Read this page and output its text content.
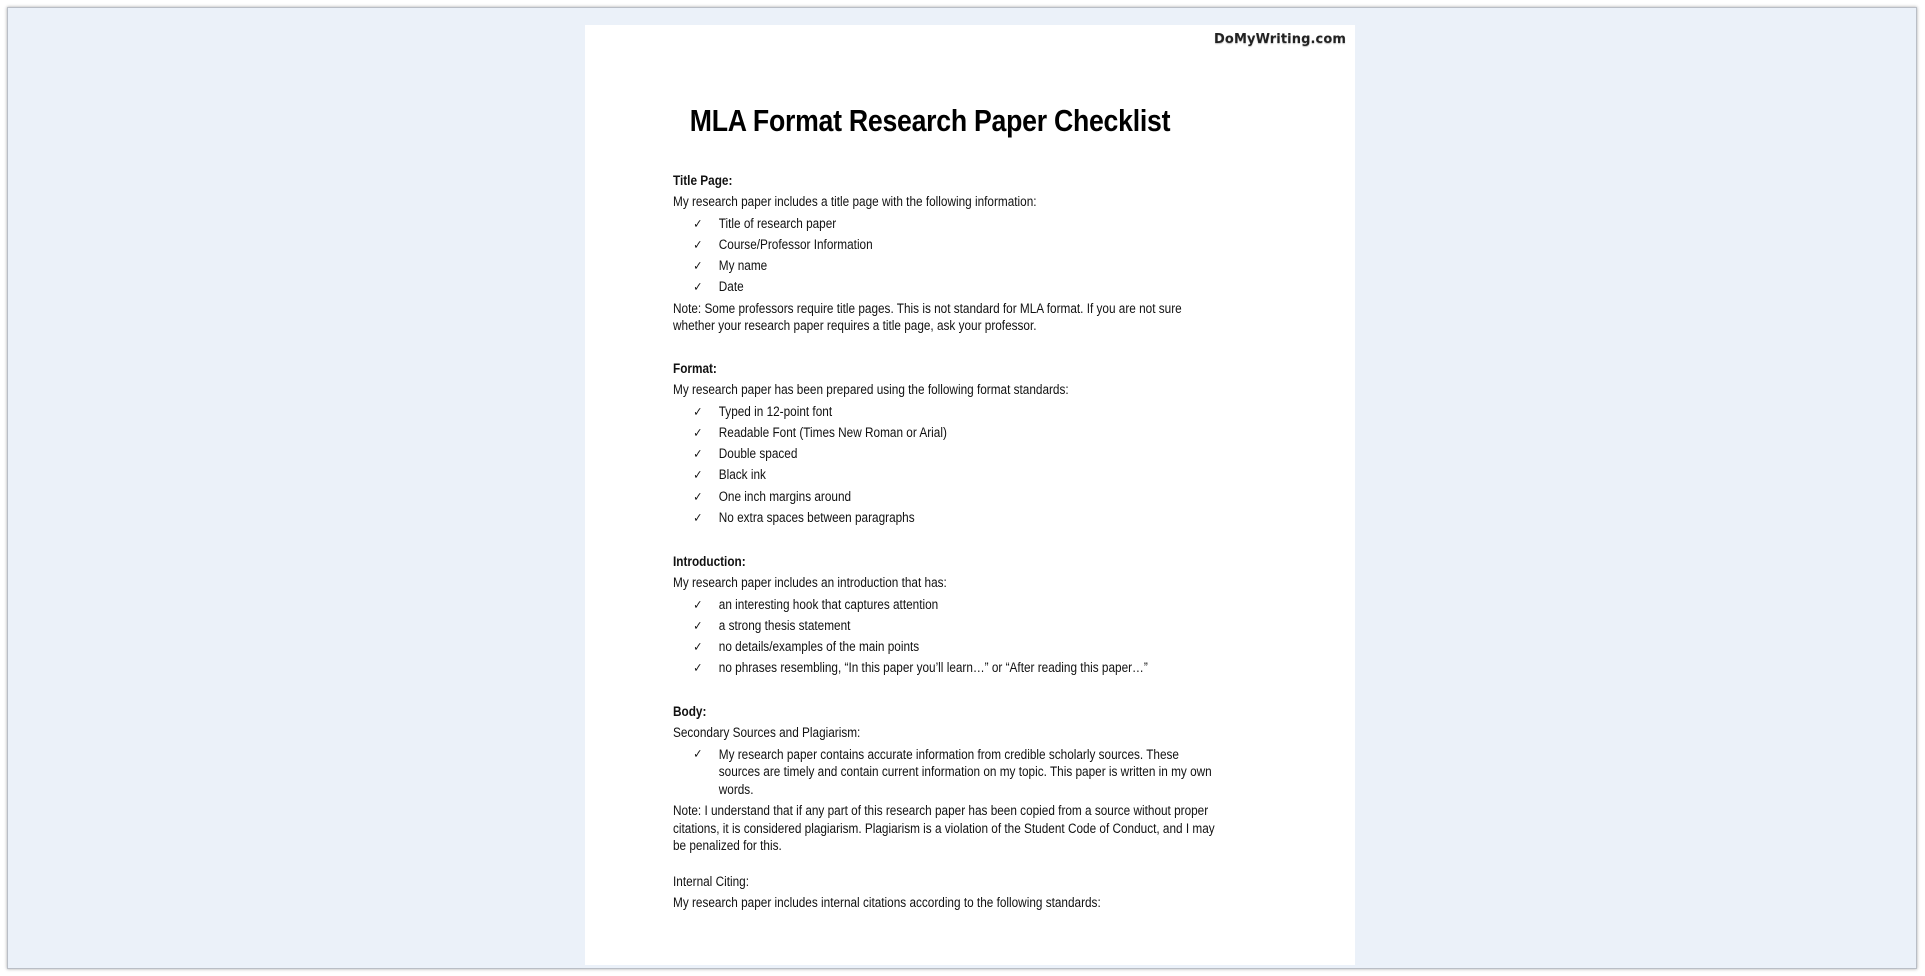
DoMyWriting.com
MLA Format Research Paper Checklist
Title Page:
My research paper includes a title page with the following information:
✓ Title of research paper
✓ Course/Professor Information
✓ My name
✓ Date
Note: Some professors require title pages. This is not standard for MLA format. If you are not sure
whether your research paper requires a title page, ask your professor.
Format:
My research paper has been prepared using the following format standards:
✓ Typed in 12-point font
✓ Readable Font (Times New Roman or Arial)
✓ Double spaced
✓ Black ink
✓ One inch margins around
✓ No extra spaces between paragraphs
Introduction:
My research paper includes an introduction that has:
✓ an interesting hook that captures attention
✓ a strong thesis statement
✓ no details/examples of the main points
✓ no phrases resembling, “In this paper you’ll learn…” or “After reading this paper…”
Body:
Secondary Sources and Plagiarism:
✓ My research paper contains accurate information from credible scholarly sources. These
sources are timely and contain current information on my topic. This paper is written in my own
words.
Note: I understand that if any part of this research paper has been copied from a source without proper
citations, it is considered plagiarism. Plagiarism is a violation of the Student Code of Conduct, and I may
be penalized for this.
Internal Citing:
My research paper includes internal citations according to the following standards:
